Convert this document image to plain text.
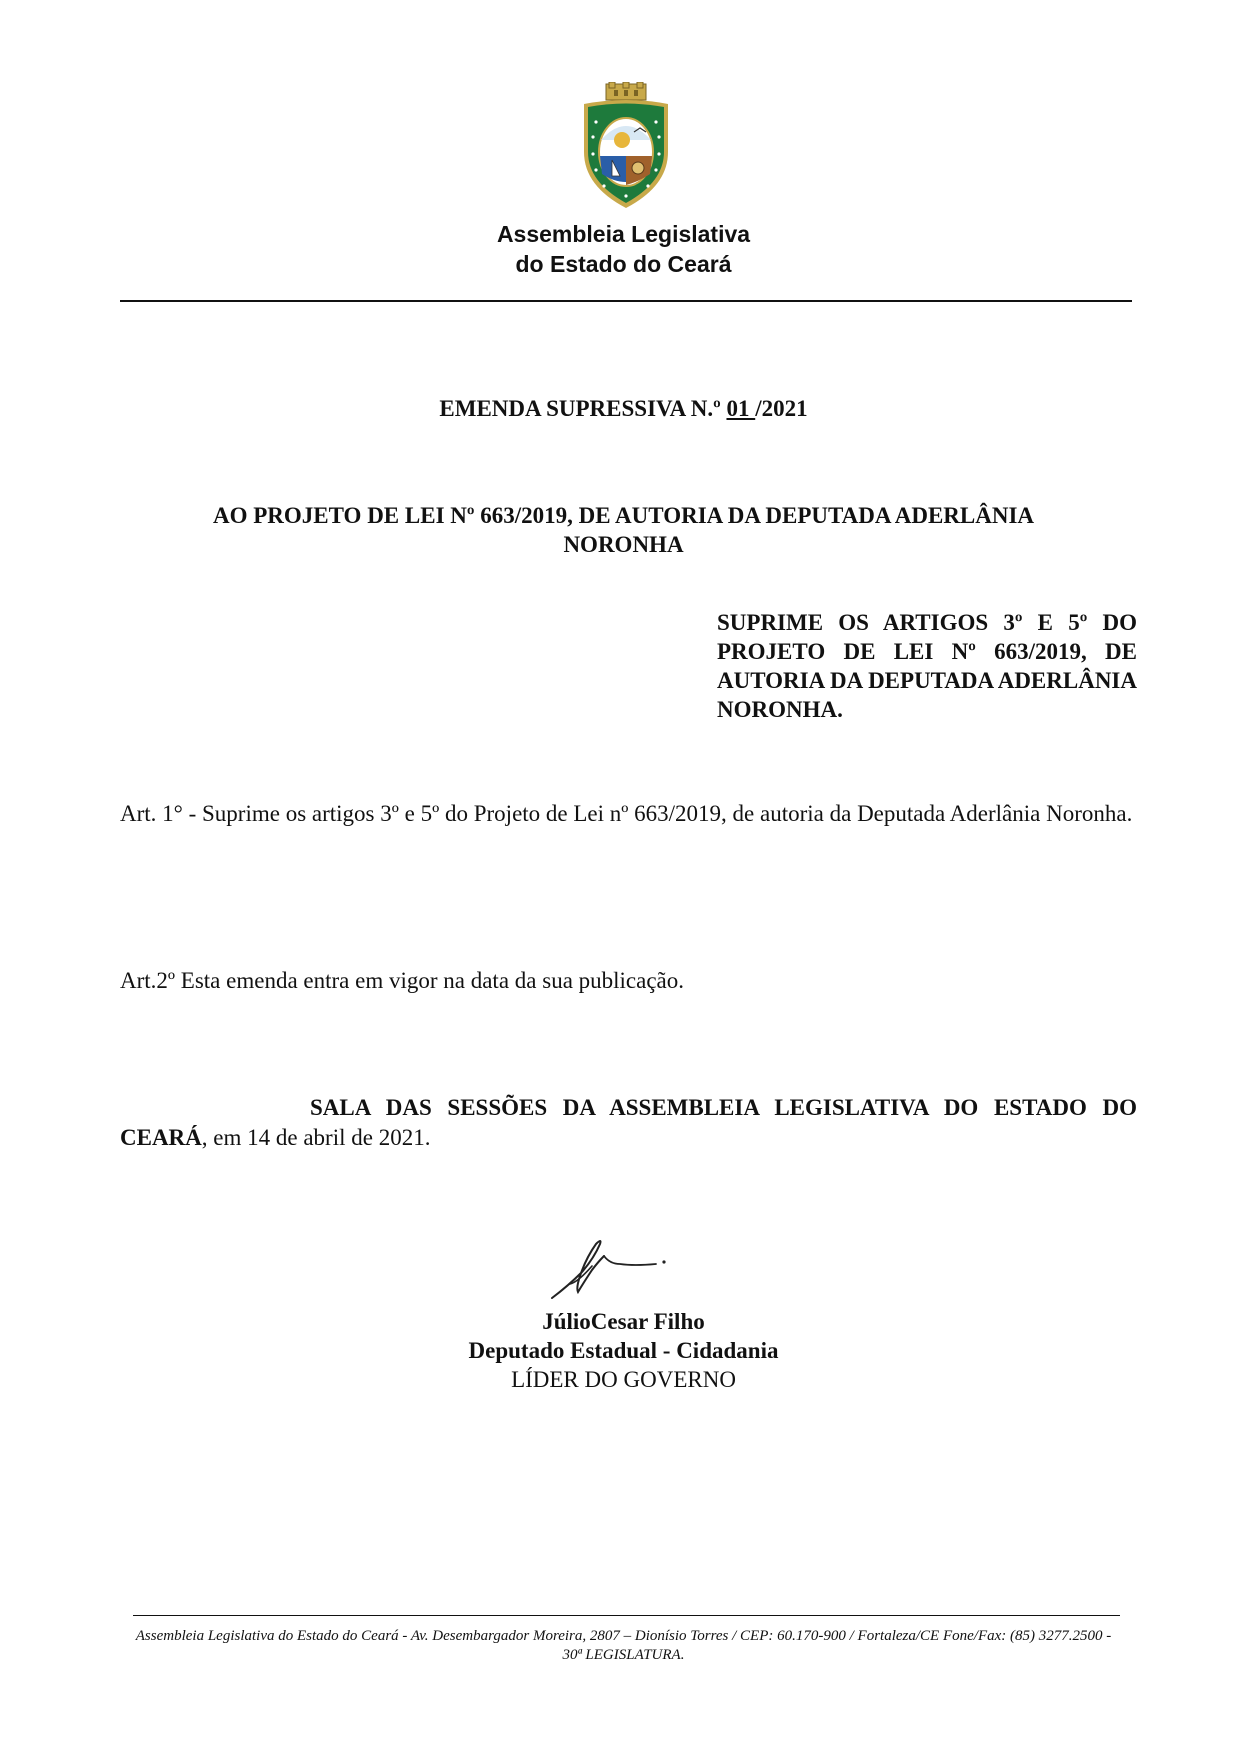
Assembleia Legislativa
do Estado do Ceará
EMENDA SUPRESSIVA N.º 01 /2021
AO PROJETO DE LEI Nº 663/2019, DE AUTORIA DA DEPUTADA ADERLÂNIA NORONHA
SUPRIME OS ARTIGOS 3º E 5º DO PROJETO DE LEI Nº 663/2019, DE AUTORIA DA DEPUTADA ADERLÂNIA NORONHA.
Art. 1° - Suprime os artigos 3º e 5º do Projeto de Lei nº 663/2019, de autoria da Deputada Aderlânia Noronha.
Art.2º Esta emenda entra em vigor na data da sua publicação.
SALA DAS SESSÕES DA ASSEMBLEIA LEGISLATIVA DO ESTADO DO CEARÁ, em 14 de abril de 2021.
JúlioCesar Filho
Deputado Estadual - Cidadania
LÍDER DO GOVERNO
Assembleia Legislativa do Estado do Ceará - Av. Desembargador Moreira, 2807 – Dionísio Torres / CEP: 60.170-900 / Fortaleza/CE Fone/Fax: (85) 3277.2500 - 30ª LEGISLATURA.
